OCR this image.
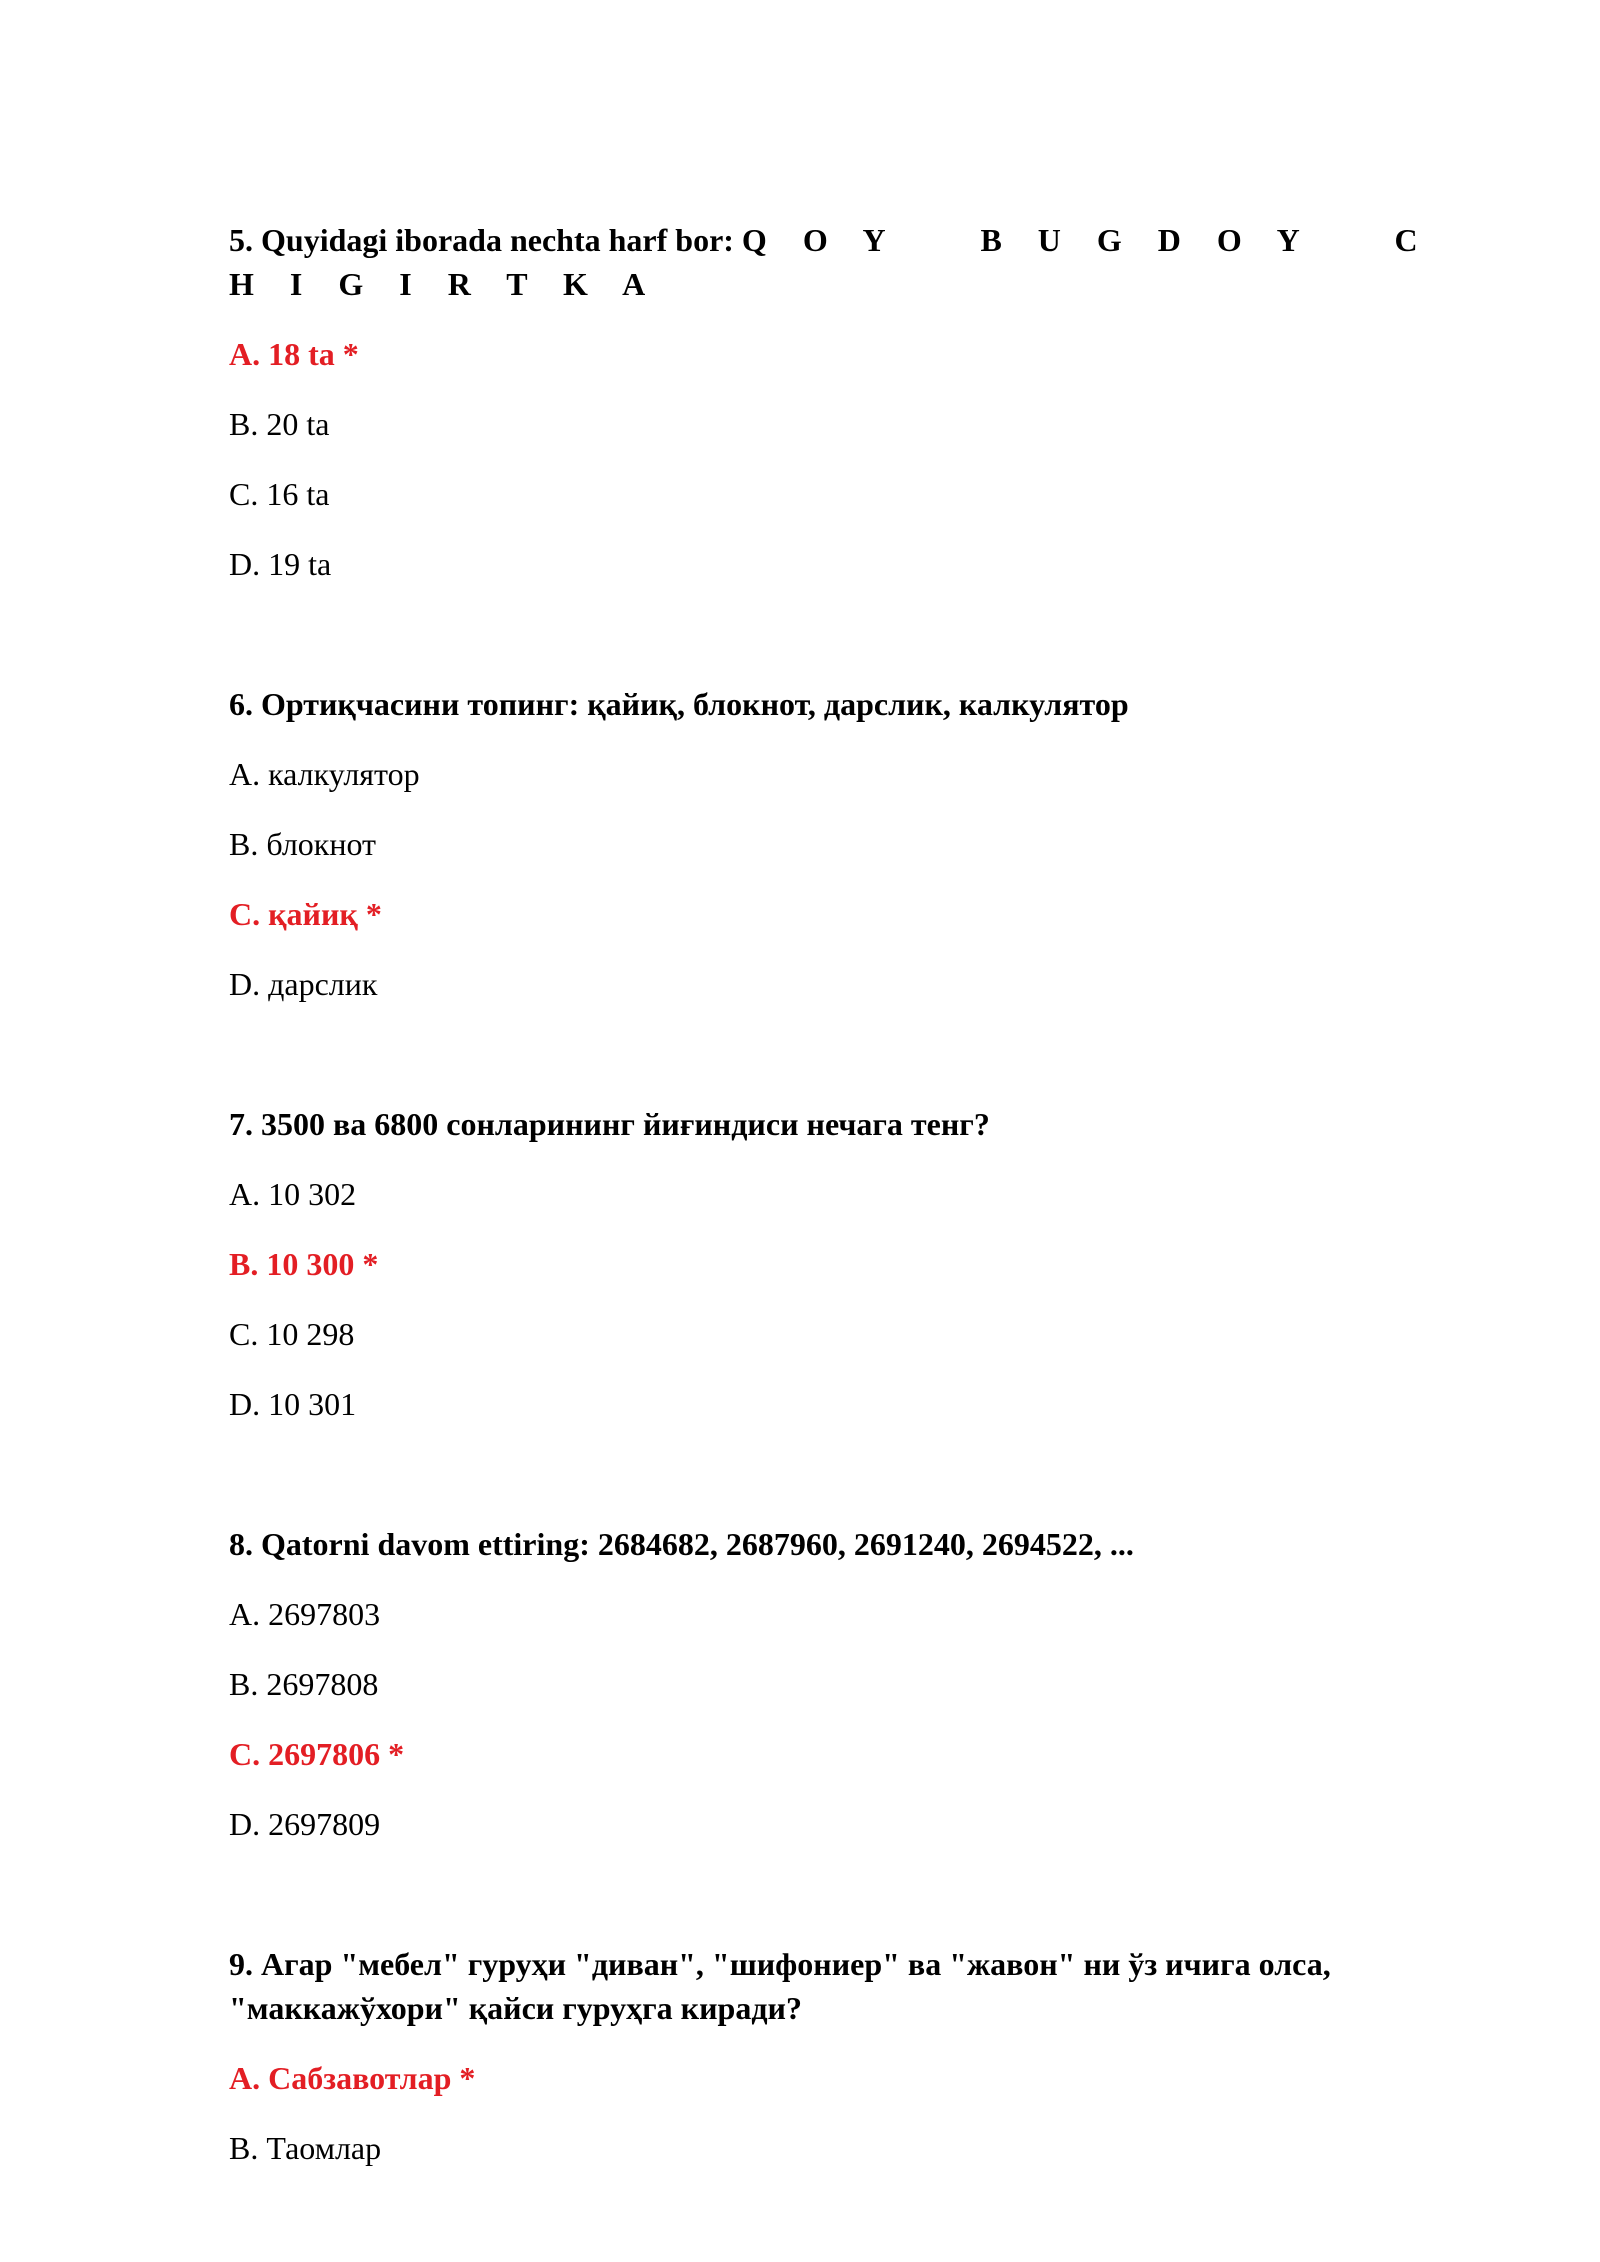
5. Quyidagi iborada nechta harf bor: Q O Y   B U G D O Y   C H I G I R T K A
A. 18 ta *
B. 20 ta
C. 16 ta
D. 19 ta
6. Ортиқчасини топинг: қайиқ, блокнот, дарслик, калкулятор
A. калкулятор
B. блокнот
C. қайиқ *
D. дарслик
7. 3500 ва 6800 сонларининг йиғиндиси нечага тенг?
A. 10 302
B. 10 300 *
C. 10 298
D. 10 301
8. Qatorni davom ettiring: 2684682, 2687960, 2691240, 2694522, ...
A. 2697803
B. 2697808
C. 2697806 *
D. 2697809
9. Агар "мебел" гуруҳи "диван", "шифониер" ва "жавон" ни ўз ичига олса,
"маккажўхори" қайси гуруҳга киради?
A. Сабзавотлар *
B. Таомлар
